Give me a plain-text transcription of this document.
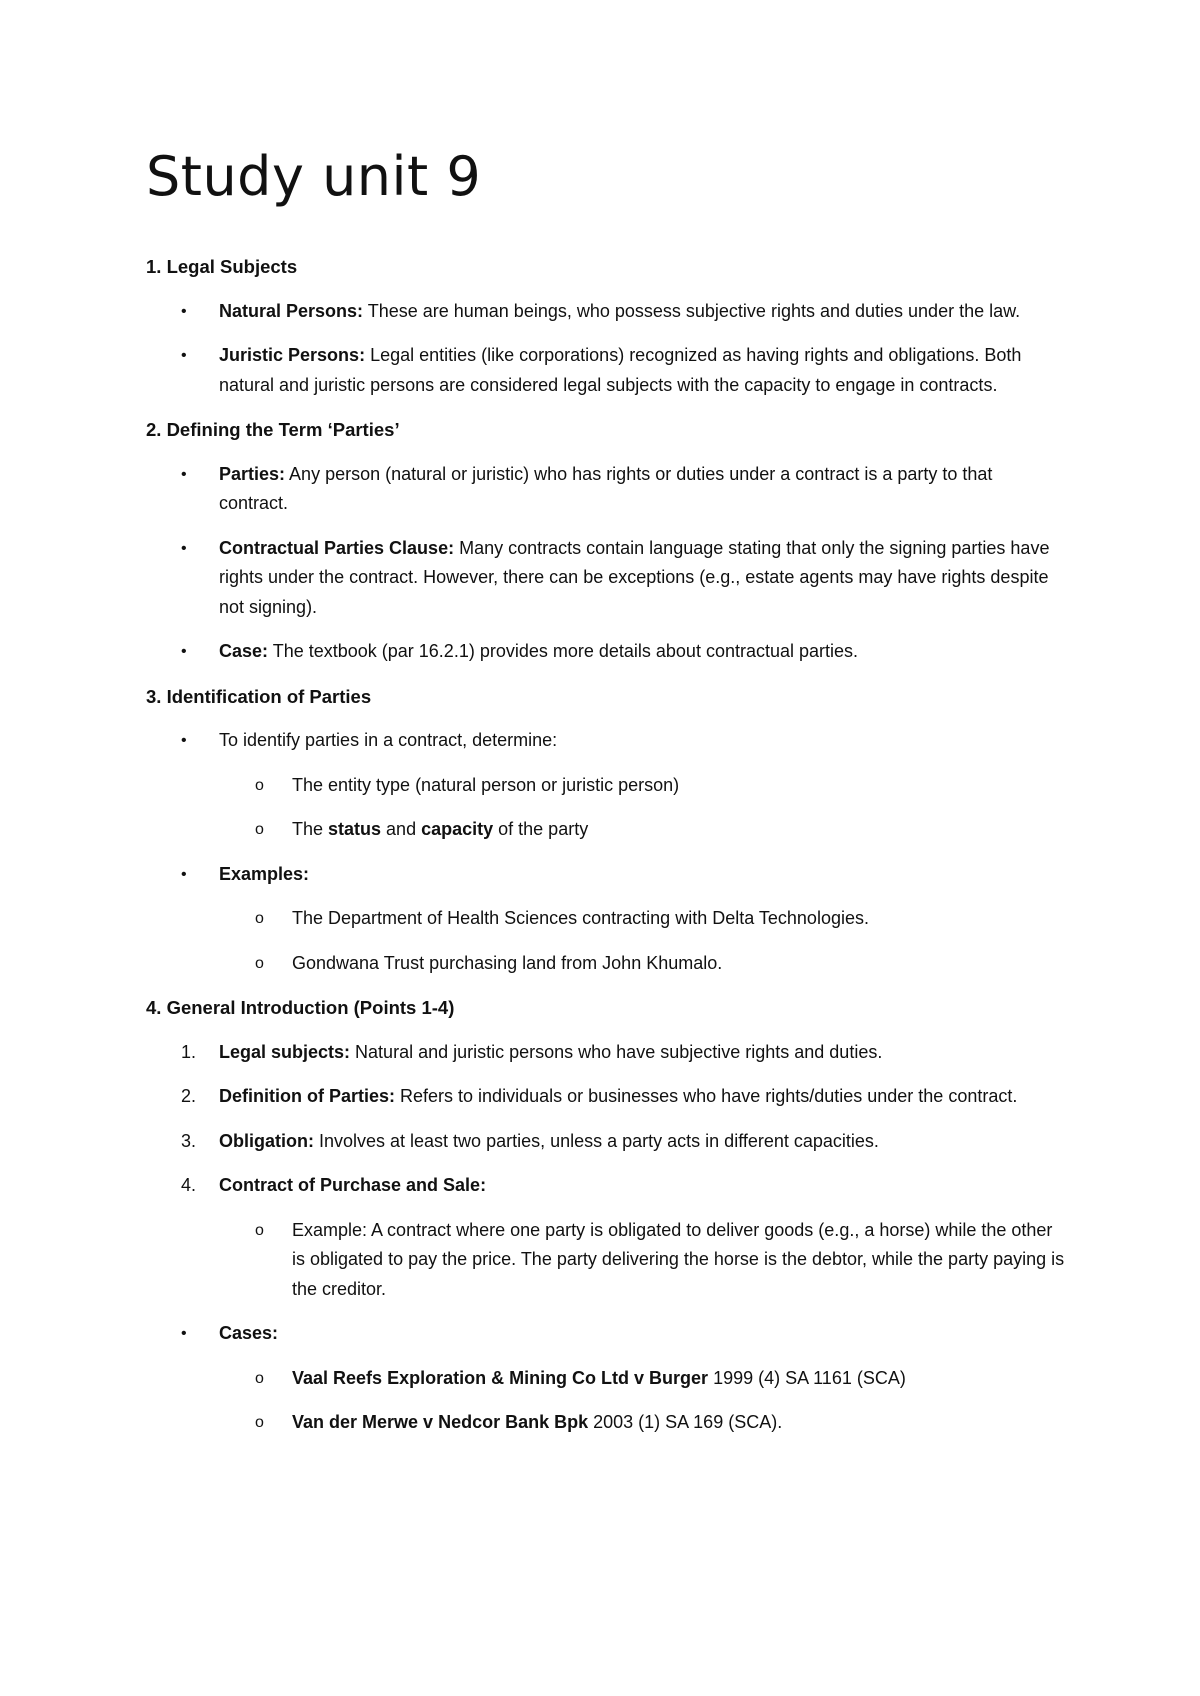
Study unit 9
1. Legal Subjects
•	Natural Persons: These are human beings, who possess subjective rights and duties under the law.
•	Juristic Persons: Legal entities (like corporations) recognized as having rights and obligations. Both natural and juristic persons are considered legal subjects with the capacity to engage in contracts.
2. Defining the Term ‘Parties’
•	Parties: Any person (natural or juristic) who has rights or duties under a contract is a party to that contract.
•	Contractual Parties Clause: Many contracts contain language stating that only the signing parties have rights under the contract. However, there can be exceptions (e.g., estate agents may have rights despite not signing).
•	Case: The textbook (par 16.2.1) provides more details about contractual parties.
3. Identification of Parties
•	To identify parties in a contract, determine:
o	The entity type (natural person or juristic person)
o	The status and capacity of the party
•	Examples:
o	The Department of Health Sciences contracting with Delta Technologies.
o	Gondwana Trust purchasing land from John Khumalo.
4. General Introduction (Points 1-4)
1.	Legal subjects: Natural and juristic persons who have subjective rights and duties.
2.	Definition of Parties: Refers to individuals or businesses who have rights/duties under the contract.
3.	Obligation: Involves at least two parties, unless a party acts in different capacities.
4.	Contract of Purchase and Sale:
o	Example: A contract where one party is obligated to deliver goods (e.g., a horse) while the other is obligated to pay the price. The party delivering the horse is the debtor, while the party paying is the creditor.
•	Cases:
o	Vaal Reefs Exploration & Mining Co Ltd v Burger 1999 (4) SA 1161 (SCA)
o	Van der Merwe v Nedcor Bank Bpk 2003 (1) SA 169 (SCA).
